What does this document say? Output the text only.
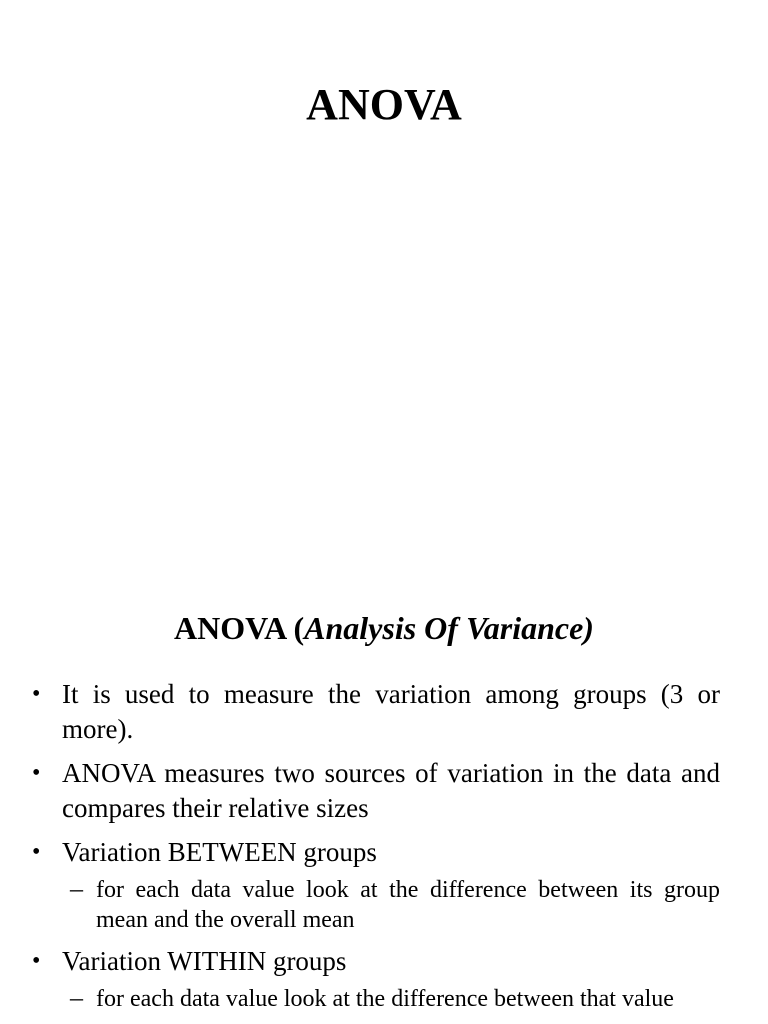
ANOVA
ANOVA (Analysis Of Variance)
• It is used to measure the variation among groups (3 or more).
• ANOVA measures two sources of variation in the data and compares their relative sizes
• Variation BETWEEN groups
– for each data value look at the difference between its group mean and the overall mean
• Variation WITHIN groups
– for each data value look at the difference between that value
